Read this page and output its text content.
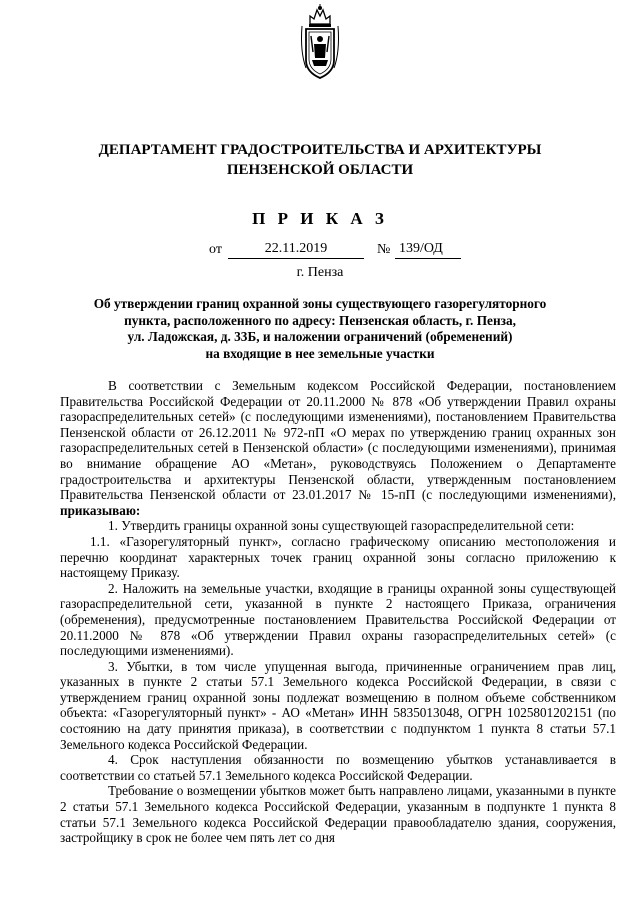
ДЕПАРТАМЕНТ ГРАДОСТРОИТЕЛЬСТВА И АРХИТЕКТУРЫ
ПЕНЗЕНСКОЙ ОБЛАСТИ
П Р И К А З
от	22.11.2019	№ 139/ОД
г. Пенза
Об утверждении границ охранной зоны существующего газорегуляторного
пункта, расположенного по адресу: Пензенская область, г. Пенза,
ул. Ладожская, д. 33Б, и наложении ограничений (обременений)
на входящие в нее земельные участки

В соответствии с Земельным кодексом Российской Федерации, постановлением Правительства Российской Федерации от 20.11.2000 № 878 «Об утверждении Правил охраны газораспределительных сетей» (с последующими изменениями), постановлением Правительства Пензенской области от 26.12.2011 № 972-пП «О мерах по утверждению границ охранных зон газораспределительных сетей в Пензенской области» (с последующими изменениями), принимая во внимание обращение АО «Метан», руководствуясь Положением о Департаменте градостроительства и архитектуры Пензенской области, утвержденным постановлением Правительства Пензенской области от 23.01.2017 № 15-пП (с последующими изменениями), приказываю:

1. Утвердить границы охранной зоны существующей газораспределительной сети:

1.1. «Газорегуляторный пункт», согласно графическому описанию местоположения и перечню координат характерных точек границ охранной зоны согласно приложению к настоящему Приказу.

2. Наложить на земельные участки, входящие в границы охранной зоны существующей газораспределительной сети, указанной в пункте 2 настоящего Приказа, ограничения (обременения), предусмотренные постановлением Правительства Российской Федерации от 20.11.2000 № 878 «Об утверждении Правил охраны газораспределительных сетей» (с последующими изменениями).

3. Убытки, в том числе упущенная выгода, причиненные ограничением прав лиц, указанных в пункте 2 статьи 57.1 Земельного кодекса Российской Федерации, в связи с утверждением границ охранной зоны подлежат возмещению в полном объеме собственником объекта: «Газорегуляторный пункт» - АО «Метан» ИНН 5835013048, ОГРН 1025801202151 (по состоянию на дату принятия приказа), в соответствии с подпунктом 1 пункта 8 статьи 57.1 Земельного кодекса Российской Федерации.

4. Срок наступления обязанности по возмещению убытков устанавливается в соответствии со статьей 57.1 Земельного кодекса Российской Федерации.

Требование о возмещении убытков может быть направлено лицами, указанными в пункте 2 статьи 57.1 Земельного кодекса Российской Федерации, указанным в подпункте 1 пункта 8 статьи 57.1 Земельного кодекса Российской Федерации правообладателю здания, сооружения, застройщику в срок не более чем пять лет со дня
